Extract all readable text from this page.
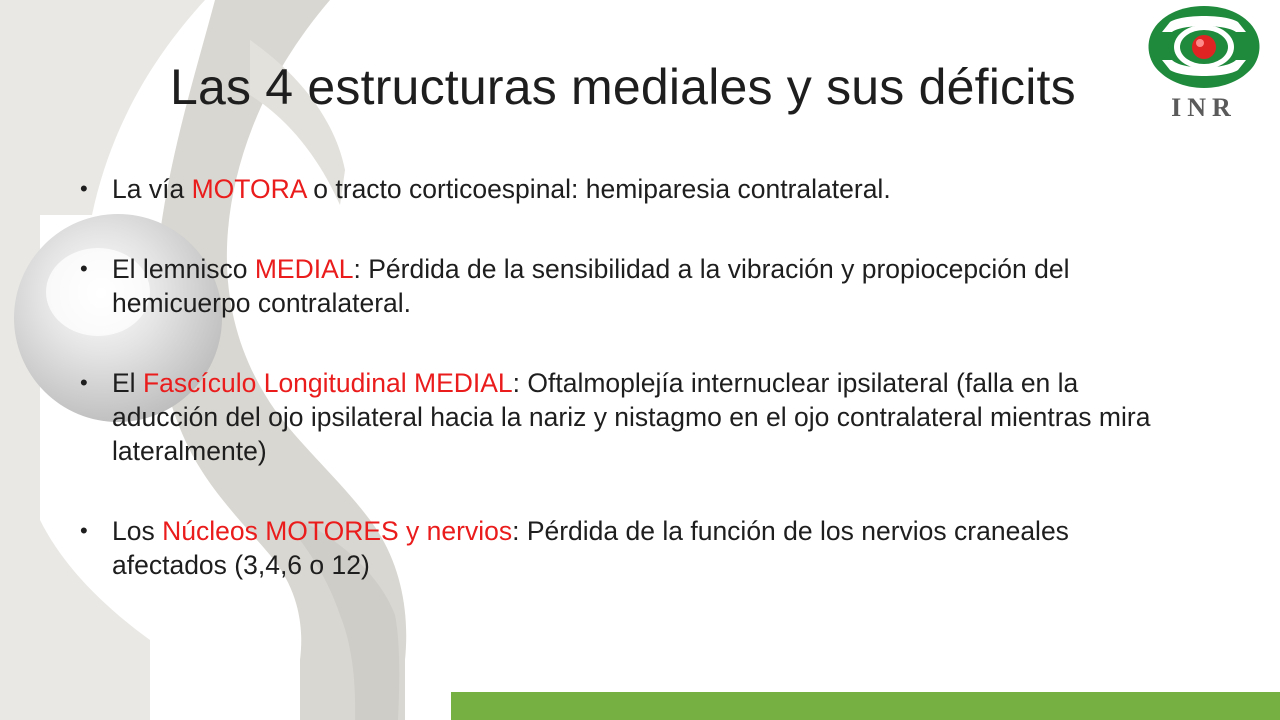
INR
Las 4 estructuras mediales y sus déficits
• La vía MOTORA o tracto corticoespinal: hemiparesia contralateral.
• El lemnisco MEDIAL: Pérdida de la sensibilidad a la vibración y propiocepción del hemicuerpo contralateral.
• El Fascículo Longitudinal MEDIAL: Oftalmoplejía internuclear ipsilateral (falla en la aducción del ojo ipsilateral hacia la nariz y nistagmo en el ojo contralateral mientras mira lateralmente)
• Los Núcleos MOTORES y nervios: Pérdida de la función de los nervios craneales afectados (3,4,6 o 12)
